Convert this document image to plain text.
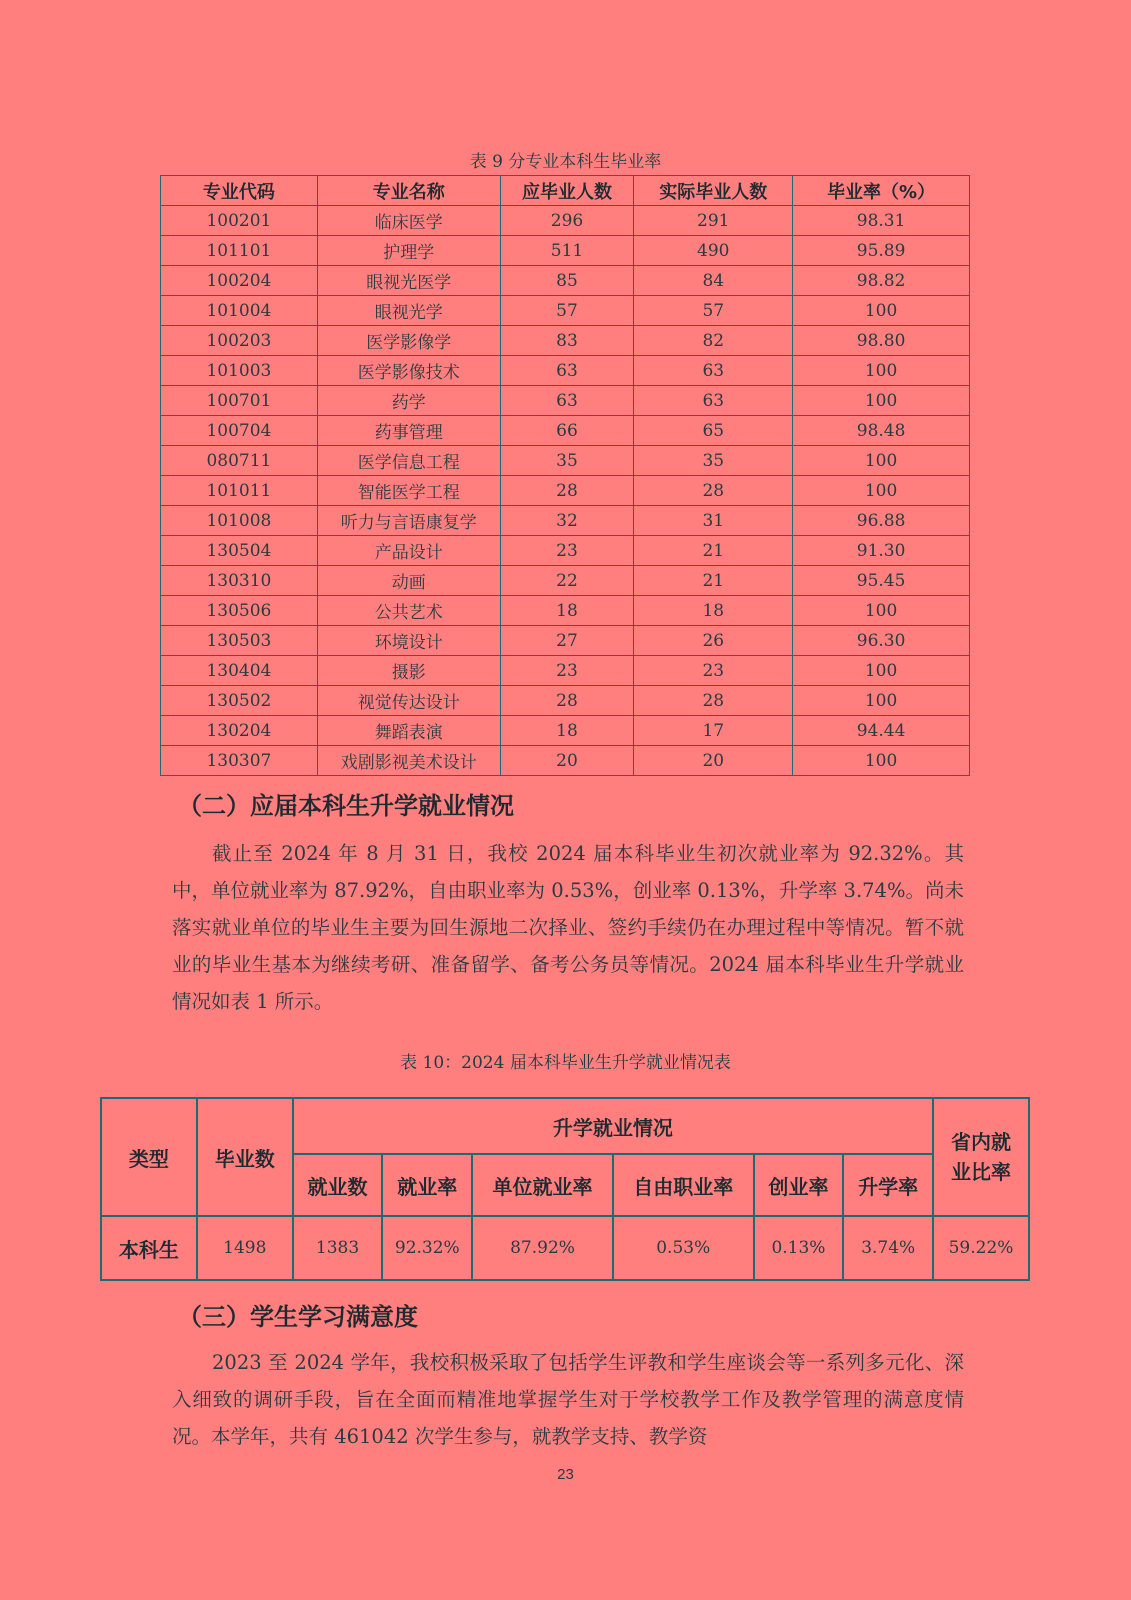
表 9 分专业本科生毕业率
专业代码	专业名称	应毕业人数	实际毕业人数	毕业率（%）
100201	临床医学	296	291	98.31
101101	护理学	511	490	95.89
100204	眼视光医学	85	84	98.82
101004	眼视光学	57	57	100
100203	医学影像学	83	82	98.80
101003	医学影像技术	63	63	100
100701	药学	63	63	100
100704	药事管理	66	65	98.48
080711	医学信息工程	35	35	100
101011	智能医学工程	28	28	100
101008	听力与言语康复学	32	31	96.88
130504	产品设计	23	21	91.30
130310	动画	22	21	95.45
130506	公共艺术	18	18	100
130503	环境设计	27	26	96.30
130404	摄影	23	23	100
130502	视觉传达设计	28	28	100
130204	舞蹈表演	18	17	94.44
130307	戏剧影视美术设计	20	20	100
（二）应届本科生升学就业情况

截止至 2024 年 8 月 31 日，我校 2024 届本科毕业生初次就业率为 92.32%。其中，单位就业率为 87.92%，自由职业率为 0.53%，创业率 0.13%，升学率 3.74%。尚未落实就业单位的毕业生主要为回生源地二次择业、签约手续仍在办理过程中等情况。暂不就业的毕业生基本为继续考研、准备留学、备考公务员等情况。2024 届本科毕业生升学就业情况如表 1 所示。

表 10：2024 届本科毕业生升学就业情况表
类型	毕业数	升学就业情况						省内就业比率
		就业数	就业率	单位就业率	自由职业率	创业率	升学率	
本科生	1498	1383	92.32%	87.92%	0.53%	0.13%	3.74%	59.22%
（三）学生学习满意度

2023 至 2024 学年，我校积极采取了包括学生评教和学生座谈会等一系列多元化、深入细致的调研手段，旨在全面而精准地掌握学生对于学校教学工作及教学管理的满意度情况。本学年，共有 461042 次学生参与，就教学支持、教学资

23
